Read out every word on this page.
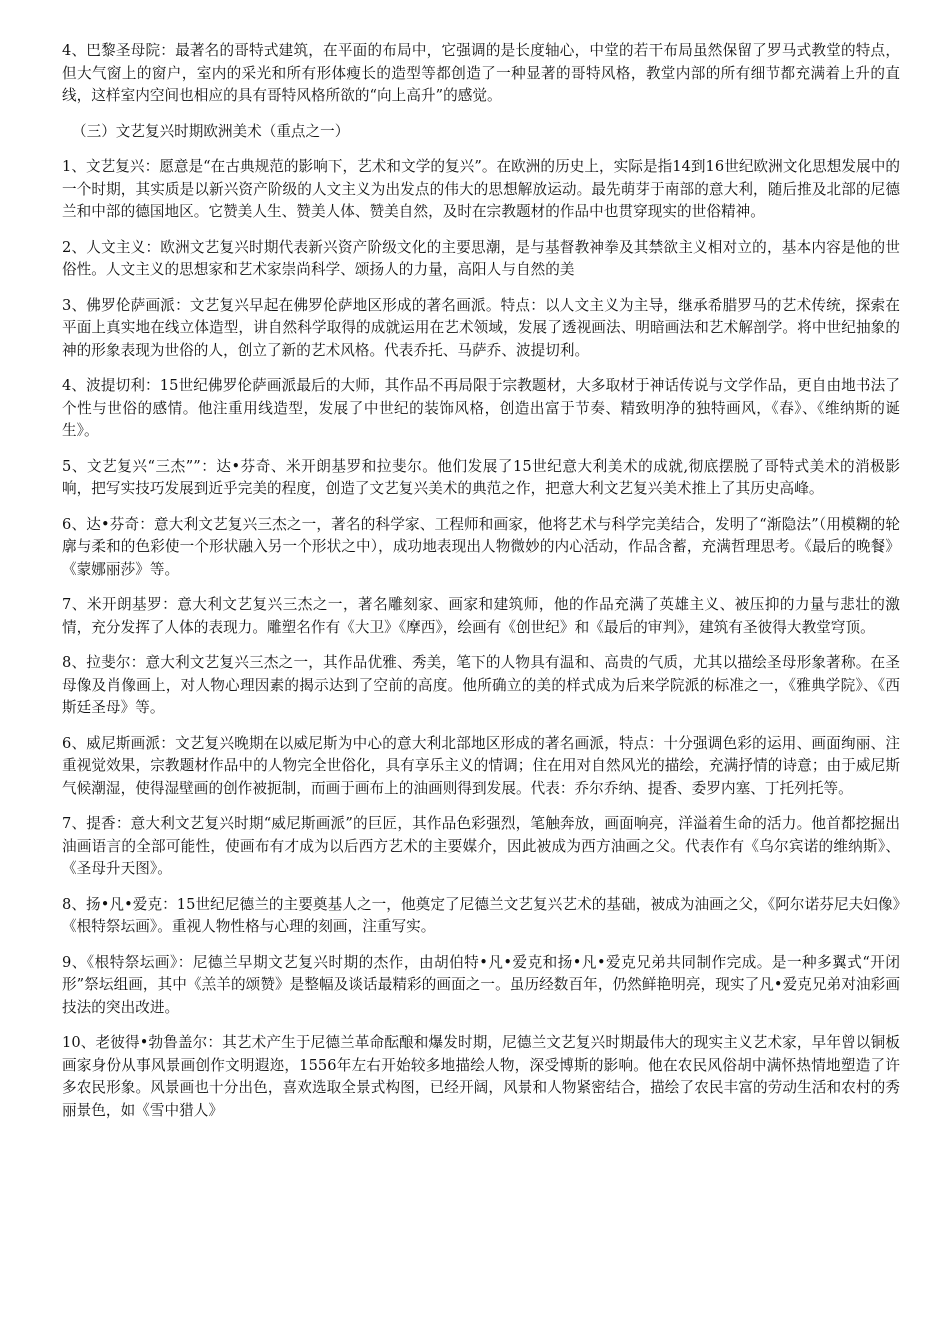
4、巴黎圣母院：最著名的哥特式建筑，在平面的布局中，它强调的是长度轴心，中堂的若干布局虽然保留了罗马式教堂的特点，但大气窗上的窗户，室内的采光和所有形体瘦长的造型等都创造了一种显著的哥特风格，教堂内部的所有细节都充满着上升的直线，这样室内空间也相应的具有哥特风格所欲的“向上高升”的感觉。

（三）文艺复兴时期欧洲美术（重点之一）

1、文艺复兴：愿意是“在古典规范的影响下，艺术和文学的复兴”。在欧洲的历史上，实际是指14到16世纪欧洲文化思想发展中的一个时期，其实质是以新兴资产阶级的人文主义为出发点的伟大的思想解放运动。最先萌芽于南部的意大利，随后推及北部的尼德兰和中部的德国地区。它赞美人生、赞美人体、赞美自然，及时在宗教题材的作品中也贯穿现实的世俗精神。

2、人文主义：欧洲文艺复兴时期代表新兴资产阶级文化的主要思潮，是与基督教神拳及其禁欲主义相对立的，基本内容是他的世俗性。人文主义的思想家和艺术家崇尚科学、颂扬人的力量，高阳人与自然的美

3、佛罗伦萨画派：文艺复兴早起在佛罗伦萨地区形成的著名画派。特点：以人文主义为主导，继承希腊罗马的艺术传统，探索在平面上真实地在线立体造型，讲自然科学取得的成就运用在艺术领域，发展了透视画法、明暗画法和艺术解剖学。将中世纪抽象的神的形象表现为世俗的人，创立了新的艺术风格。代表乔托、马萨乔、波提切利。

4、波提切利：15世纪佛罗伦萨画派最后的大师，其作品不再局限于宗教题材，大多取材于神话传说与文学作品，更自由地书法了个性与世俗的感情。他注重用线造型，发展了中世纪的装饰风格，创造出富于节奏、精致明净的独特画风，《春》、《维纳斯的诞生》。

5、文艺复兴“三杰””：达•芬奇、米开朗基罗和拉斐尔。他们发展了15世纪意大利美术的成就,彻底摆脱了哥特式美术的消极影响，把写实技巧发展到近乎完美的程度，创造了文艺复兴美术的典范之作，把意大利文艺复兴美术推上了其历史高峰。

6、达•芬奇：意大利文艺复兴三杰之一，著名的科学家、工程师和画家，他将艺术与科学完美结合，发明了“渐隐法”（用模糊的轮廓与柔和的色彩使一个形状融入另一个形状之中），成功地表现出人物微妙的内心活动，作品含蓄，充满哲理思考。《最后的晚餐》《蒙娜丽莎》等。

7、米开朗基罗：意大利文艺复兴三杰之一，著名雕刻家、画家和建筑师，他的作品充满了英雄主义、被压抑的力量与悲壮的激情，充分发挥了人体的表现力。雕塑名作有《大卫》《摩西》，绘画有《创世纪》和《最后的审判》，建筑有圣彼得大教堂穹顶。

8、拉斐尔：意大利文艺复兴三杰之一，其作品优雅、秀美，笔下的人物具有温和、高贵的气质，尤其以描绘圣母形象著称。在圣母像及肖像画上，对人物心理因素的揭示达到了空前的高度。他所确立的美的样式成为后来学院派的标准之一，《雅典学院》、《西斯廷圣母》等。

6、威尼斯画派：文艺复兴晚期在以威尼斯为中心的意大利北部地区形成的著名画派，特点：十分强调色彩的运用、画面绚丽、注重视觉效果，宗教题材作品中的人物完全世俗化，具有享乐主义的情调；住在用对自然风光的描绘，充满抒情的诗意；由于威尼斯气候潮湿，使得湿壁画的创作被扼制，而画于画布上的油画则得到发展。代表：乔尔乔纳、提香、委罗内塞、丁托列托等。

7、提香：意大利文艺复兴时期“威尼斯画派”的巨匠，其作品色彩强烈，笔触奔放，画面响亮，洋溢着生命的活力。他首都挖掘出油画语言的全部可能性，使画布有才成为以后西方艺术的主要媒介，因此被成为西方油画之父。代表作有《乌尔宾诺的维纳斯》、《圣母升天图》。

8、扬•凡•爱克：15世纪尼德兰的主要奠基人之一，他奠定了尼德兰文艺复兴艺术的基础，被成为油画之父，《阿尔诺芬尼夫妇像》《根特祭坛画》。重视人物性格与心理的刻画，注重写实。

9、《根特祭坛画》：尼德兰早期文艺复兴时期的杰作，由胡伯特•凡•爱克和扬•凡•爱克兄弟共同制作完成。是一种多翼式“开闭形”祭坛组画，其中《羔羊的颂赞》是整幅及谈话最精彩的画面之一。虽历经数百年，仍然鲜艳明亮，现实了凡•爱克兄弟对油彩画技法的突出改进。

10、老彼得•勃鲁盖尔：其艺术产生于尼德兰革命酝酿和爆发时期，尼德兰文艺复兴时期最伟大的现实主义艺术家，早年曾以铜板画家身份从事风景画创作文明遐迩，1556年左右开始较多地描绘人物，深受博斯的影响。他在农民风俗胡中满怀热情地塑造了许多农民形象。风景画也十分出色，喜欢选取全景式构图，已经开阔，风景和人物紧密结合，描绘了农民丰富的劳动生活和农村的秀丽景色，如《雪中猎人》
